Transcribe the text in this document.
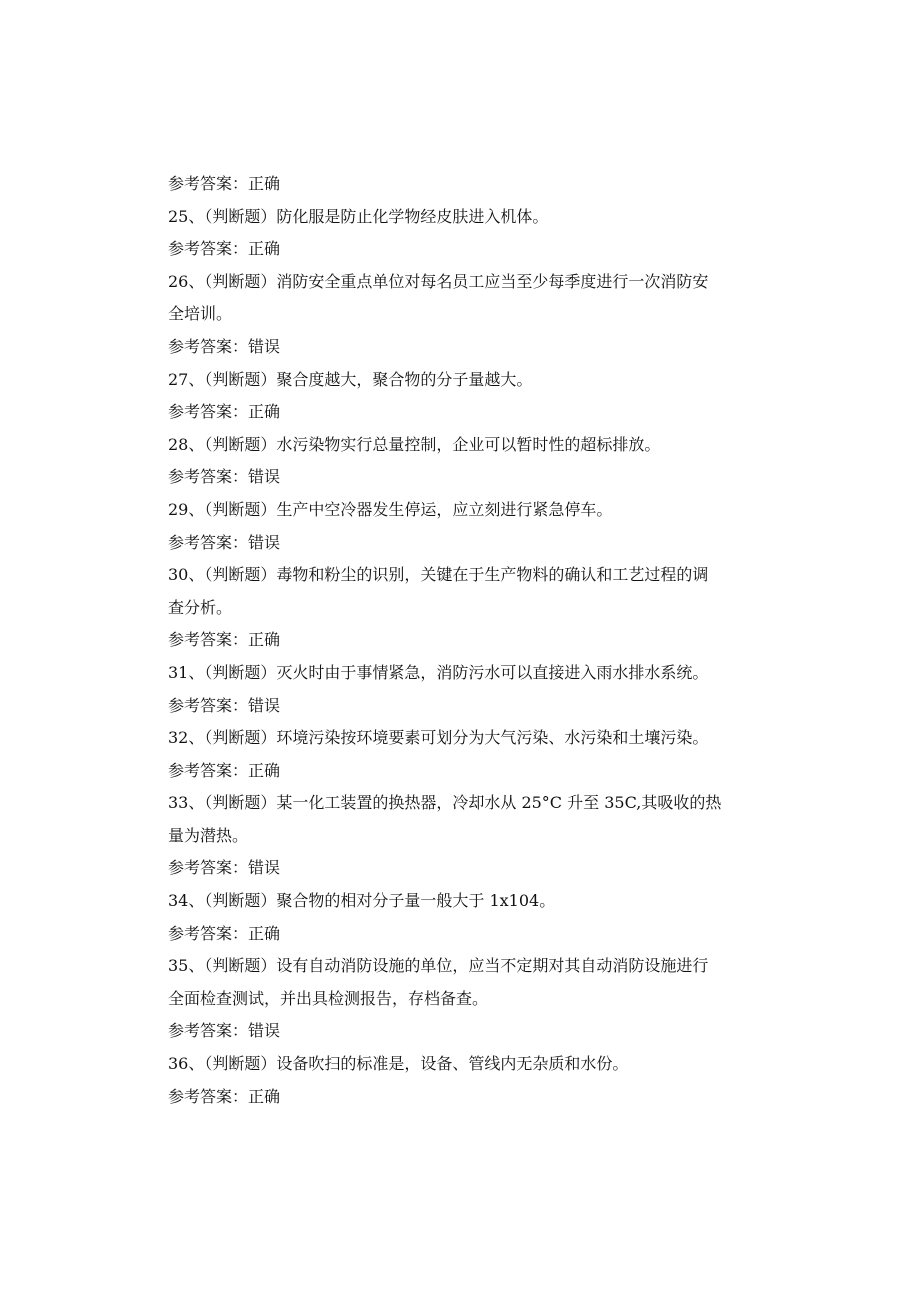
参考答案：正确
25、（判断题）防化服是防止化学物经皮肤进入机体。
参考答案：正确
26、（判断题）消防安全重点单位对每名员工应当至少每季度进行一次消防安
全培训。
参考答案：错误
27、（判断题）聚合度越大，聚合物的分子量越大。
参考答案：正确
28、（判断题）水污染物实行总量控制，企业可以暂时性的超标排放。
参考答案：错误
29、（判断题）生产中空冷器发生停运，应立刻进行紧急停车。
参考答案：错误
30、（判断题）毒物和粉尘的识别，关键在于生产物料的确认和工艺过程的调
查分析。
参考答案：正确
31、（判断题）灭火时由于事情紧急，消防污水可以直接进入雨水排水系统。
参考答案：错误
32、（判断题）环境污染按环境要素可划分为大气污染、水污染和土壤污染。
参考答案：正确
33、（判断题）某一化工装置的换热器，冷却水从 25°C 升至 35C,其吸收的热
量为潜热。
参考答案：错误
34、（判断题）聚合物的相对分子量一般大于 1x104。
参考答案：正确
35、（判断题）设有自动消防设施的单位，应当不定期对其自动消防设施进行
全面检查测试，并出具检测报告，存档备查。
参考答案：错误
36、（判断题）设备吹扫的标准是，设备、管线内无杂质和水份。
参考答案：正确
